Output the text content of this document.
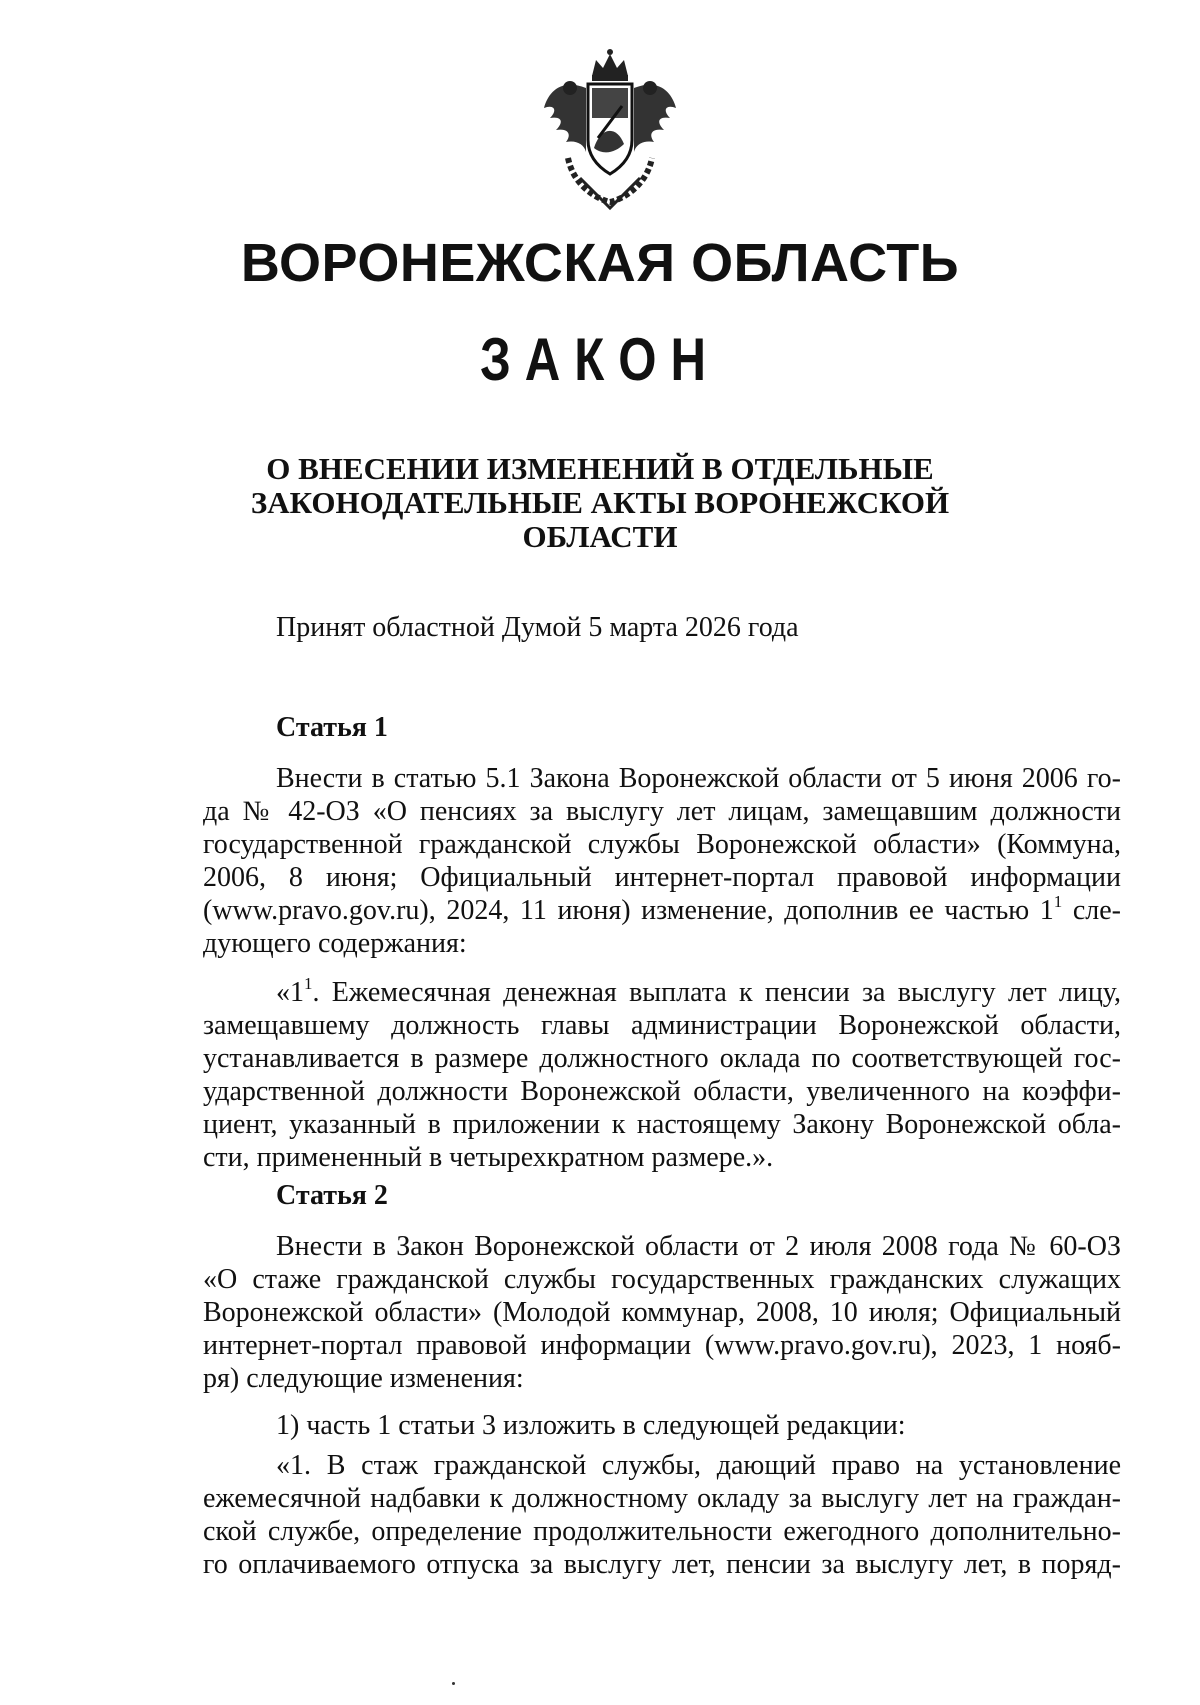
ВОРОНЕЖСКАЯ ОБЛАСТЬ
ЗАКОН
О ВНЕСЕНИИ ИЗМЕНЕНИЙ В ОТДЕЛЬНЫЕ
ЗАКОНОДАТЕЛЬНЫЕ АКТЫ ВОРОНЕЖСКОЙ
ОБЛАСТИ
Принят областной Думой 5 марта 2026 года
Статья 1
Внести в статью 5.1 Закона Воронежской области от 5 июня 2006 го-
да № 42-ОЗ «О пенсиях за выслугу лет лицам, замещавшим должности
государственной гражданской службы Воронежской области» (Коммуна,
2006, 8 июня; Официальный интернет-портал правовой информации
(www.pravo.gov.ru), 2024, 11 июня) изменение, дополнив ее частью $1^1$ сле-
дующего содержания:
«$1^1$. Ежемесячная денежная выплата к пенсии за выслугу лет лицу,
замещавшему должность главы администрации Воронежской области,
устанавливается в размере должностного оклада по соответствующей гос-
ударственной должности Воронежской области, увеличенного на коэффи-
циент, указанный в приложении к настоящему Закону Воронежской обла-
сти, примененный в четырехкратном размере.».
Статья 2
Внести в Закон Воронежской области от 2 июля 2008 года № 60-ОЗ
«О стаже гражданской службы государственных гражданских служащих
Воронежской области» (Молодой коммунар, 2008, 10 июля; Официальный
интернет-портал правовой информации (www.pravo.gov.ru), 2023, 1 нояб-
ря) следующие изменения:
1) часть 1 статьи 3 изложить в следующей редакции:
«1. В стаж гражданской службы, дающий право на установление
ежемесячной надбавки к должностному окладу за выслугу лет на граждан-
ской службе, определение продолжительности ежегодного дополнительно-
го оплачиваемого отпуска за выслугу лет, пенсии за выслугу лет, в поряд-
